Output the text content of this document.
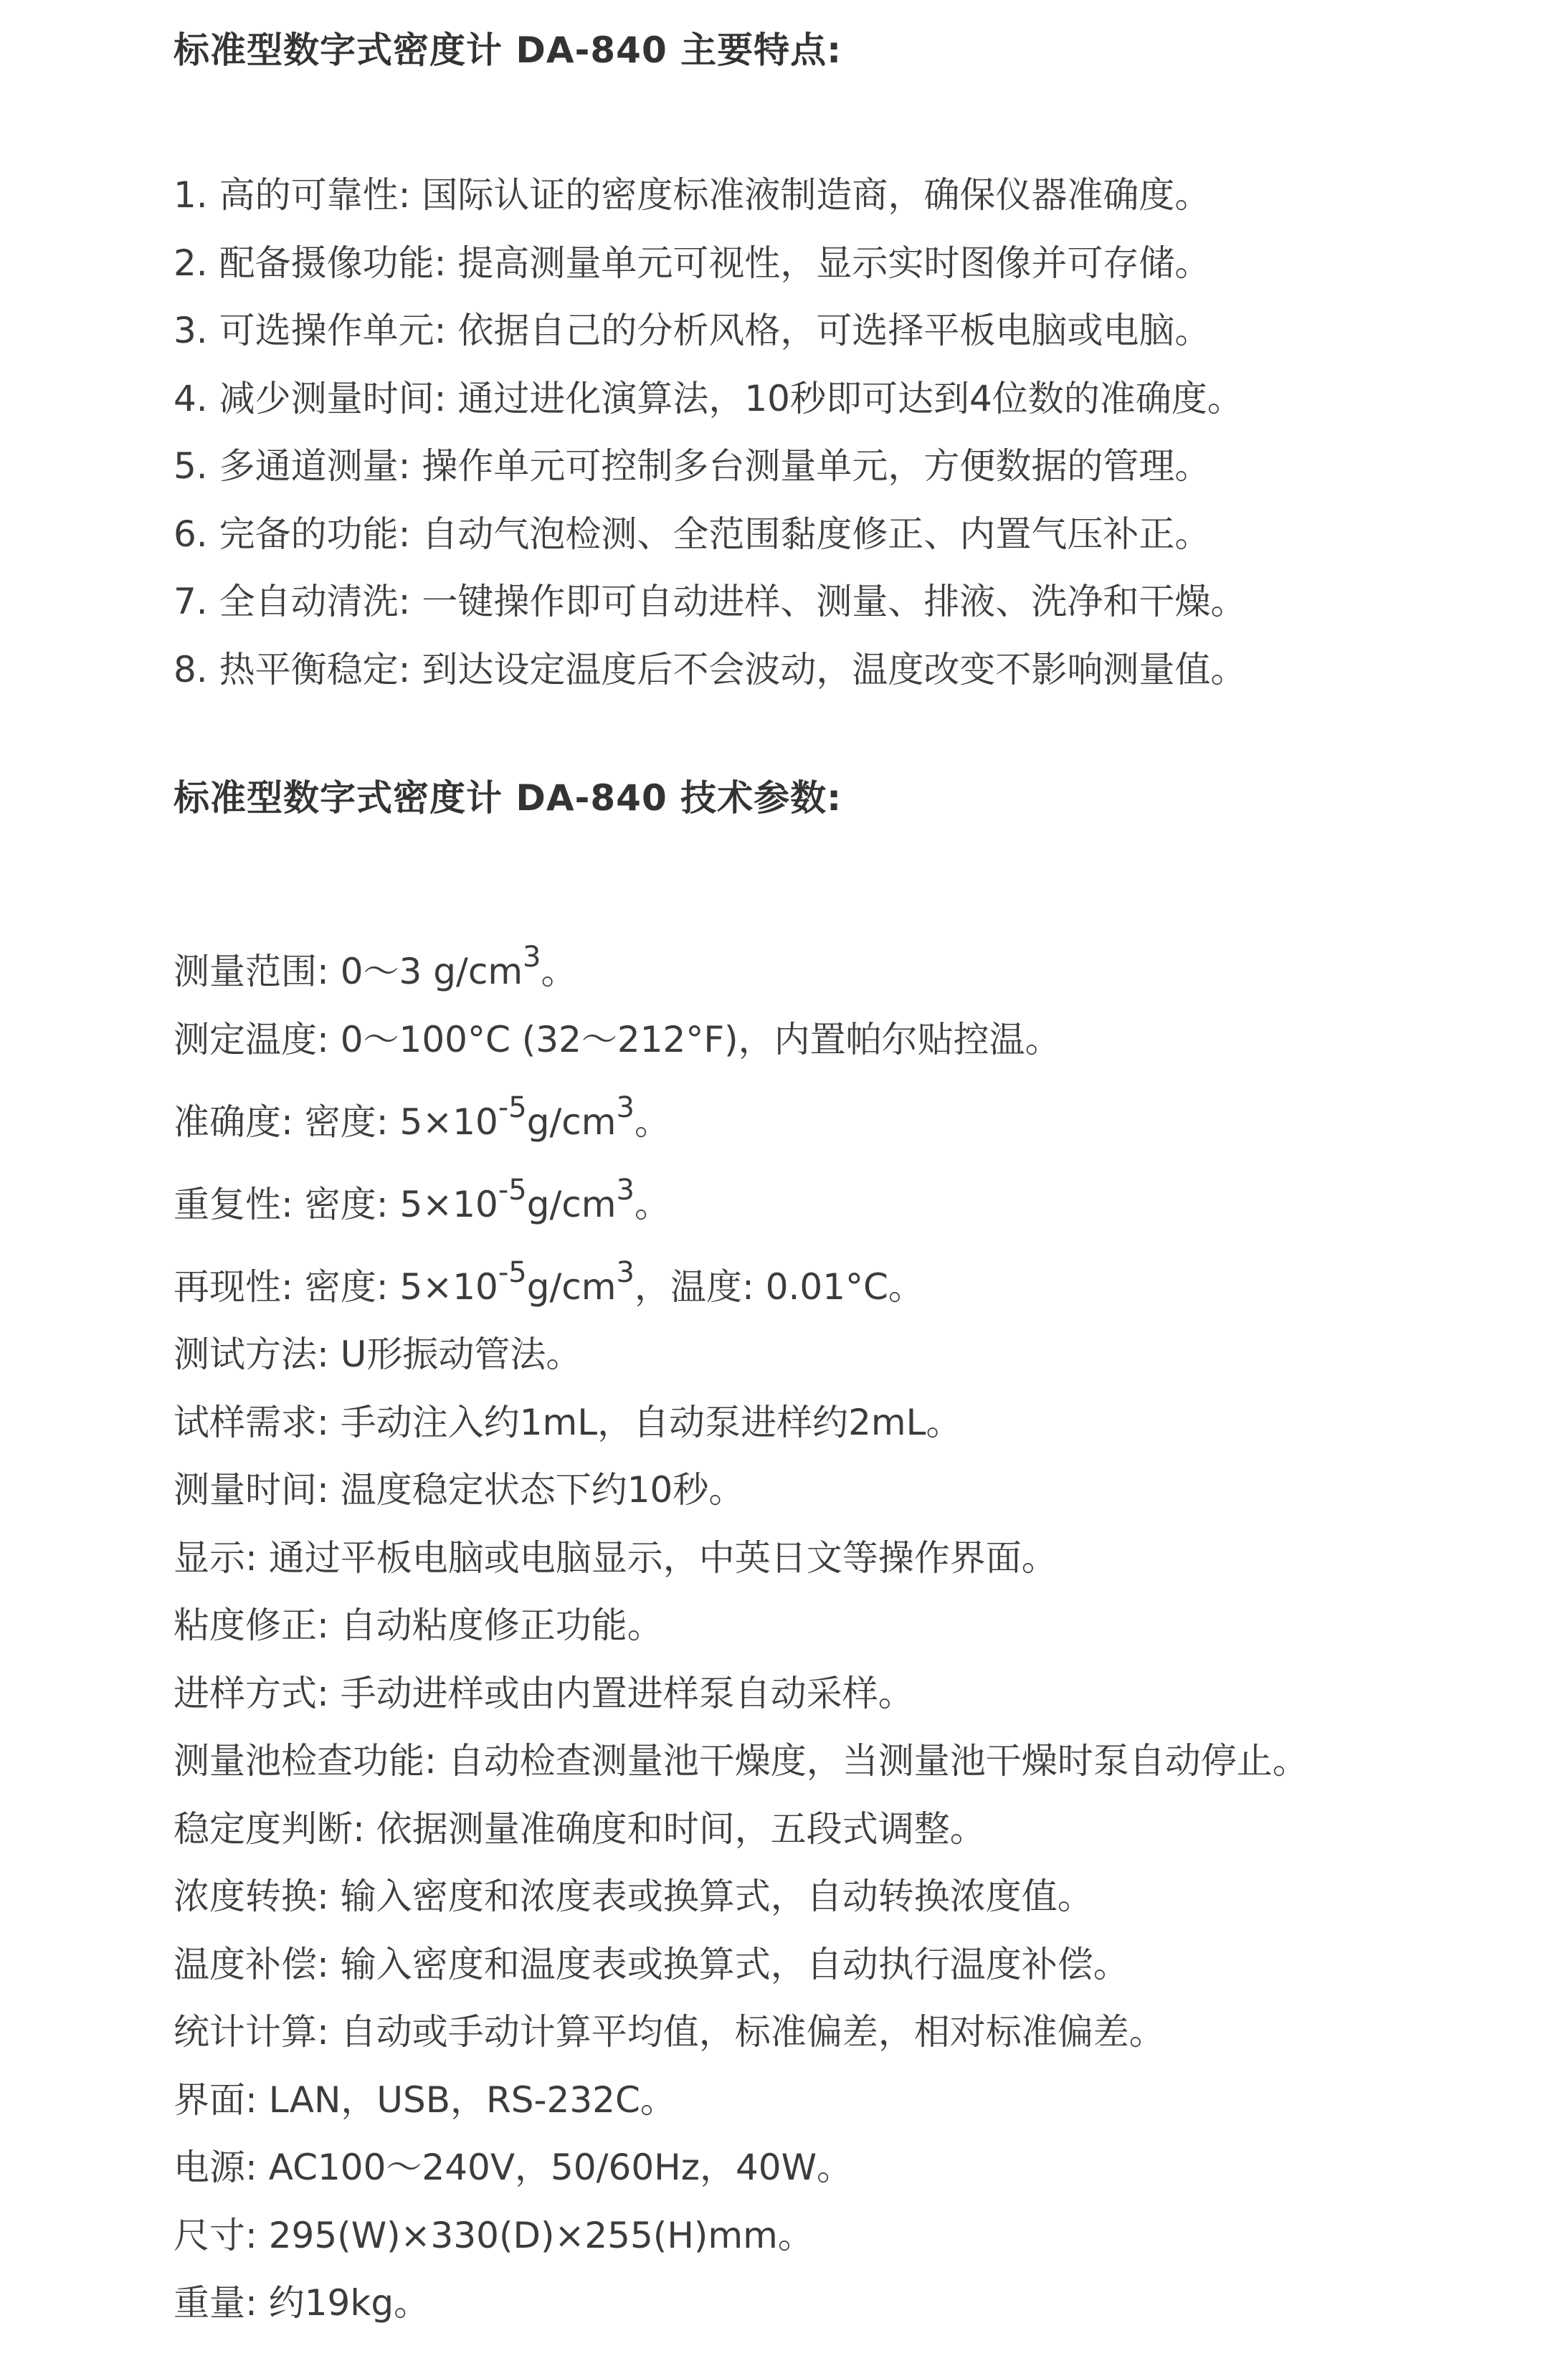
标准型数字式密度计 DA-840 主要特点:
1. 高的可靠性: 国际认证的密度标准液制造商，确保仪器准确度。
2. 配备摄像功能: 提高测量单元可视性，显示实时图像并可存储。
3. 可选操作单元: 依据自己的分析风格，可选择平板电脑或电脑。
4. 减少测量时间: 通过进化演算法，10秒即可达到4位数的准确度。
5. 多通道测量: 操作单元可控制多台测量单元，方便数据的管理。
6. 完备的功能: 自动气泡检测、全范围黏度修正、内置气压补正。
7. 全自动清洗: 一键操作即可自动进样、测量、排液、洗净和干燥。
8. 热平衡稳定: 到达设定温度后不会波动，温度改变不影响测量值。
标准型数字式密度计 DA-840 技术参数:
测量范围: 0～3 $g/cm^3$。
测定温度: 0～100°C (32～212°F)，内置帕尔贴控温。
准确度: 密度: $5\times 10^{-5}g/cm^3$。
重复性: 密度: $5\times 10^{-5}g/cm^3$。
再现性: 密度: $5\times 10^{-5}g/cm^3$，温度: 0.01°C。
测试方法: U形振动管法。
试样需求: 手动注入约1mL，自动泵进样约2mL。
测量时间: 温度稳定状态下约10秒。
显示: 通过平板电脑或电脑显示，中英日文等操作界面。
粘度修正: 自动粘度修正功能。
进样方式: 手动进样或由内置进样泵自动采样。
测量池检查功能: 自动检查测量池干燥度，当测量池干燥时泵自动停止。
稳定度判断: 依据测量准确度和时间，五段式调整。
浓度转换: 输入密度和浓度表或换算式，自动转换浓度值。
温度补偿: 输入密度和温度表或换算式，自动执行温度补偿。
统计计算: 自动或手动计算平均值，标准偏差，相对标准偏差。
界面: LAN，USB，RS-232C。
电源: AC100～240V，50/60Hz，40W。
尺寸: 295(W)×330(D)×255(H)mm。
重量: 约19kg。
